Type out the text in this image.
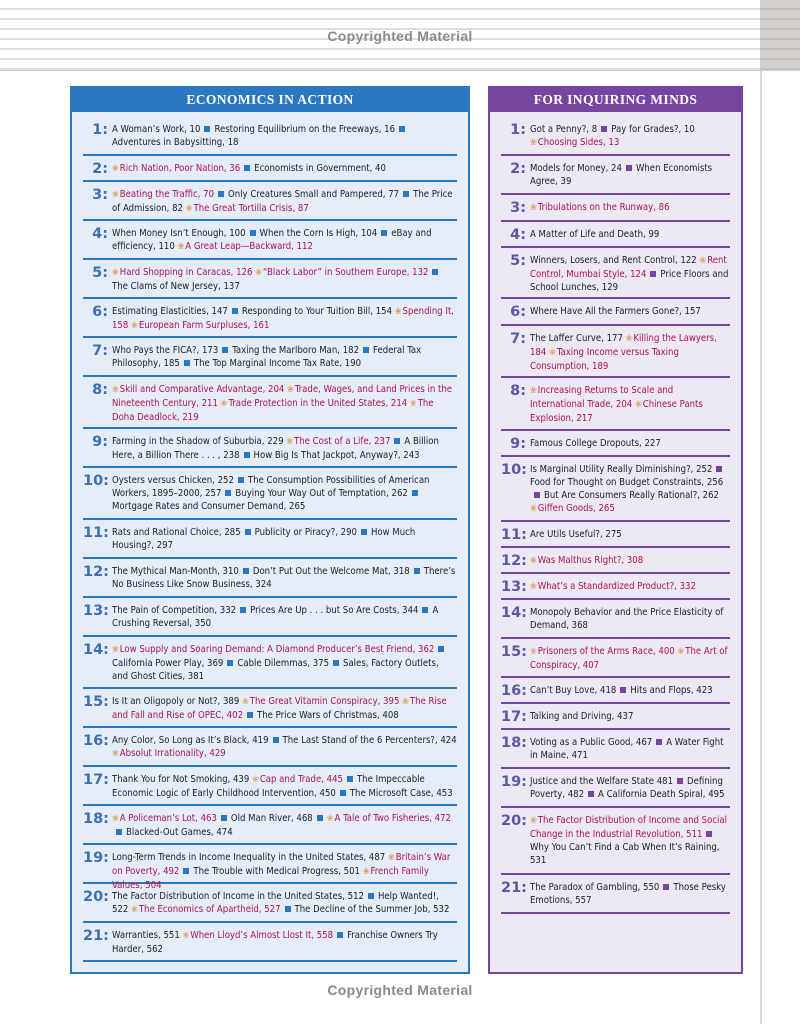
Copyrighted Material
ECONOMICS IN ACTION
1: A Woman’s Work, 10 Restoring Equilibrium on the Freeways, 16Adventures in Babysitting, 18
2: ❀Rich Nation, Poor Nation, 36 Economists in Government, 40
3: ❀Beating the Traffic, 70 Only Creatures Small and Pampered, 77 The Price of Admission, 82 ❀The Great Tortilla Crisis, 87
4: When Money Isn’t Enough, 100 When the Corn Is High, 104 eBay and efficiency, 110 ❀A Great Leap—Backward, 112
5: ❀Hard Shopping in Caracas, 126 ❀“Black Labor” in Southern Europe, 132The Clams of New Jersey, 137
6: Estimating Elasticities, 147 Responding to Your Tuition Bill, 154 ❀Spending It, 158 ❀European Farm Surpluses, 161
7: Who Pays the FICA?, 173 Taxing the Marlboro Man, 182 Federal Tax Philosophy, 185 The Top Marginal Income Tax Rate, 190
8: ❀Skill and Comparative Advantage, 204 ❀Trade, Wages, and Land Prices in the Nineteenth Century, 211 ❀Trade Protection in the United States, 214 ❀The Doha Deadlock, 219
9: Farming in the Shadow of Suburbia, 229 ❀The Cost of a Life, 237 A Billion Here, a Billion There . . . , 238 How Big Is That Jackpot, Anyway?, 243
10: Oysters versus Chicken, 252 The Consumption Possibilities of American Workers, 1895–2000, 257 Buying Your Way Out of Temptation, 262Mortgage Rates and Consumer Demand, 265
11: Rats and Rational Choice, 285 Publicity or Piracy?, 290 How Much Housing?, 297
12: The Mythical Man-Month, 310 Don’t Put Out the Welcome Mat, 318 There’s No Business Like Snow Business, 324
13: The Pain of Competition, 332 Prices Are Up . . . but So Are Costs, 344 A Crushing Reversal, 350
14: ❀Low Supply and Soaring Demand: A Diamond Producer’s Best Friend, 362California Power Play, 369 Cable Dilemmas, 375 Sales, Factory Outlets, and Ghost Cities, 381
15: Is It an Oligopoly or Not?, 389 ❀The Great Vitamin Conspiracy, 395 ❀The Rise and Fall and Rise of OPEC, 402 The Price Wars of Christmas, 408
16: Any Color, So Long as It’s Black, 419 The Last Stand of the 6 Percenters?, 424 ❀Absolut Irrationality, 429
17: Thank You for Not Smoking, 439 ❀Cap and Trade, 445 The Impeccable Economic Logic of Early Childhood Intervention, 450 The Microsoft Case, 453
18: ❀A Policeman’s Lot, 463 Old Man River, 468 ❀A Tale of Two Fisheries, 472Blacked-Out Games, 474
19: Long-Term Trends in Income Inequality in the United States, 487 ❀Britain’s War on Poverty, 492 The Trouble with Medical Progress, 501 ❀French Family Values, 504
20: The Factor Distribution of Income in the United States, 512 Help Wanted!, 522 ❀The Economics of Apartheid, 527 The Decline of the Summer Job, 532
21: Warranties, 551 ❀When Lloyd’s Almost Llost It, 558 Franchise Owners Try Harder, 562
FOR INQUIRING MINDS
1: Got a Penny?, 8 Pay for Grades?, 10 ❀Choosing Sides, 13
2: Models for Money, 24 When Economists Agree, 39
3: ❀Tribulations on the Runway, 86
4: A Matter of Life and Death, 99
5: Winners, Losers, and Rent Control, 122 ❀Rent Control, Mumbai Style, 124 Price Floors and School Lunches, 129
6: Where Have All the Farmers Gone?, 157
7: The Laffer Curve, 177 ❀Killing the Lawyers, 184 ❀Taxing Income versus Taxing Consumption, 189
8: ❀Increasing Returns to Scale and International Trade, 204 ❀Chinese Pants Explosion, 217
9: Famous College Dropouts, 227
10: Is Marginal Utility Really Diminishing?, 252Food for Thought on Budget Constraints, 256But Are Consumers Really Rational?, 262 ❀Giffen Goods, 265
11: Are Utils Useful?, 275
12: ❀Was Malthus Right?, 308
13: ❀What’s a Standardized Product?, 332
14: Monopoly Behavior and the Price Elasticity of Demand, 368
15: ❀Prisoners of the Arms Race, 400 ❀The Art of Conspiracy, 407
16: Can’t Buy Love, 418 Hits and Flops, 423
17: Talking and Driving, 437
18: Voting as a Public Good, 467 A Water Fight in Maine, 471
19: Justice and the Welfare State 481 Defining Poverty, 482 A California Death Spiral, 495
20: ❀The Factor Distribution of Income and Social Change in the Industrial Revolution, 511Why You Can’t Find a Cab When It’s Raining, 531
21: The Paradox of Gambling, 550 Those Pesky Emotions, 557
Copyrighted Material
